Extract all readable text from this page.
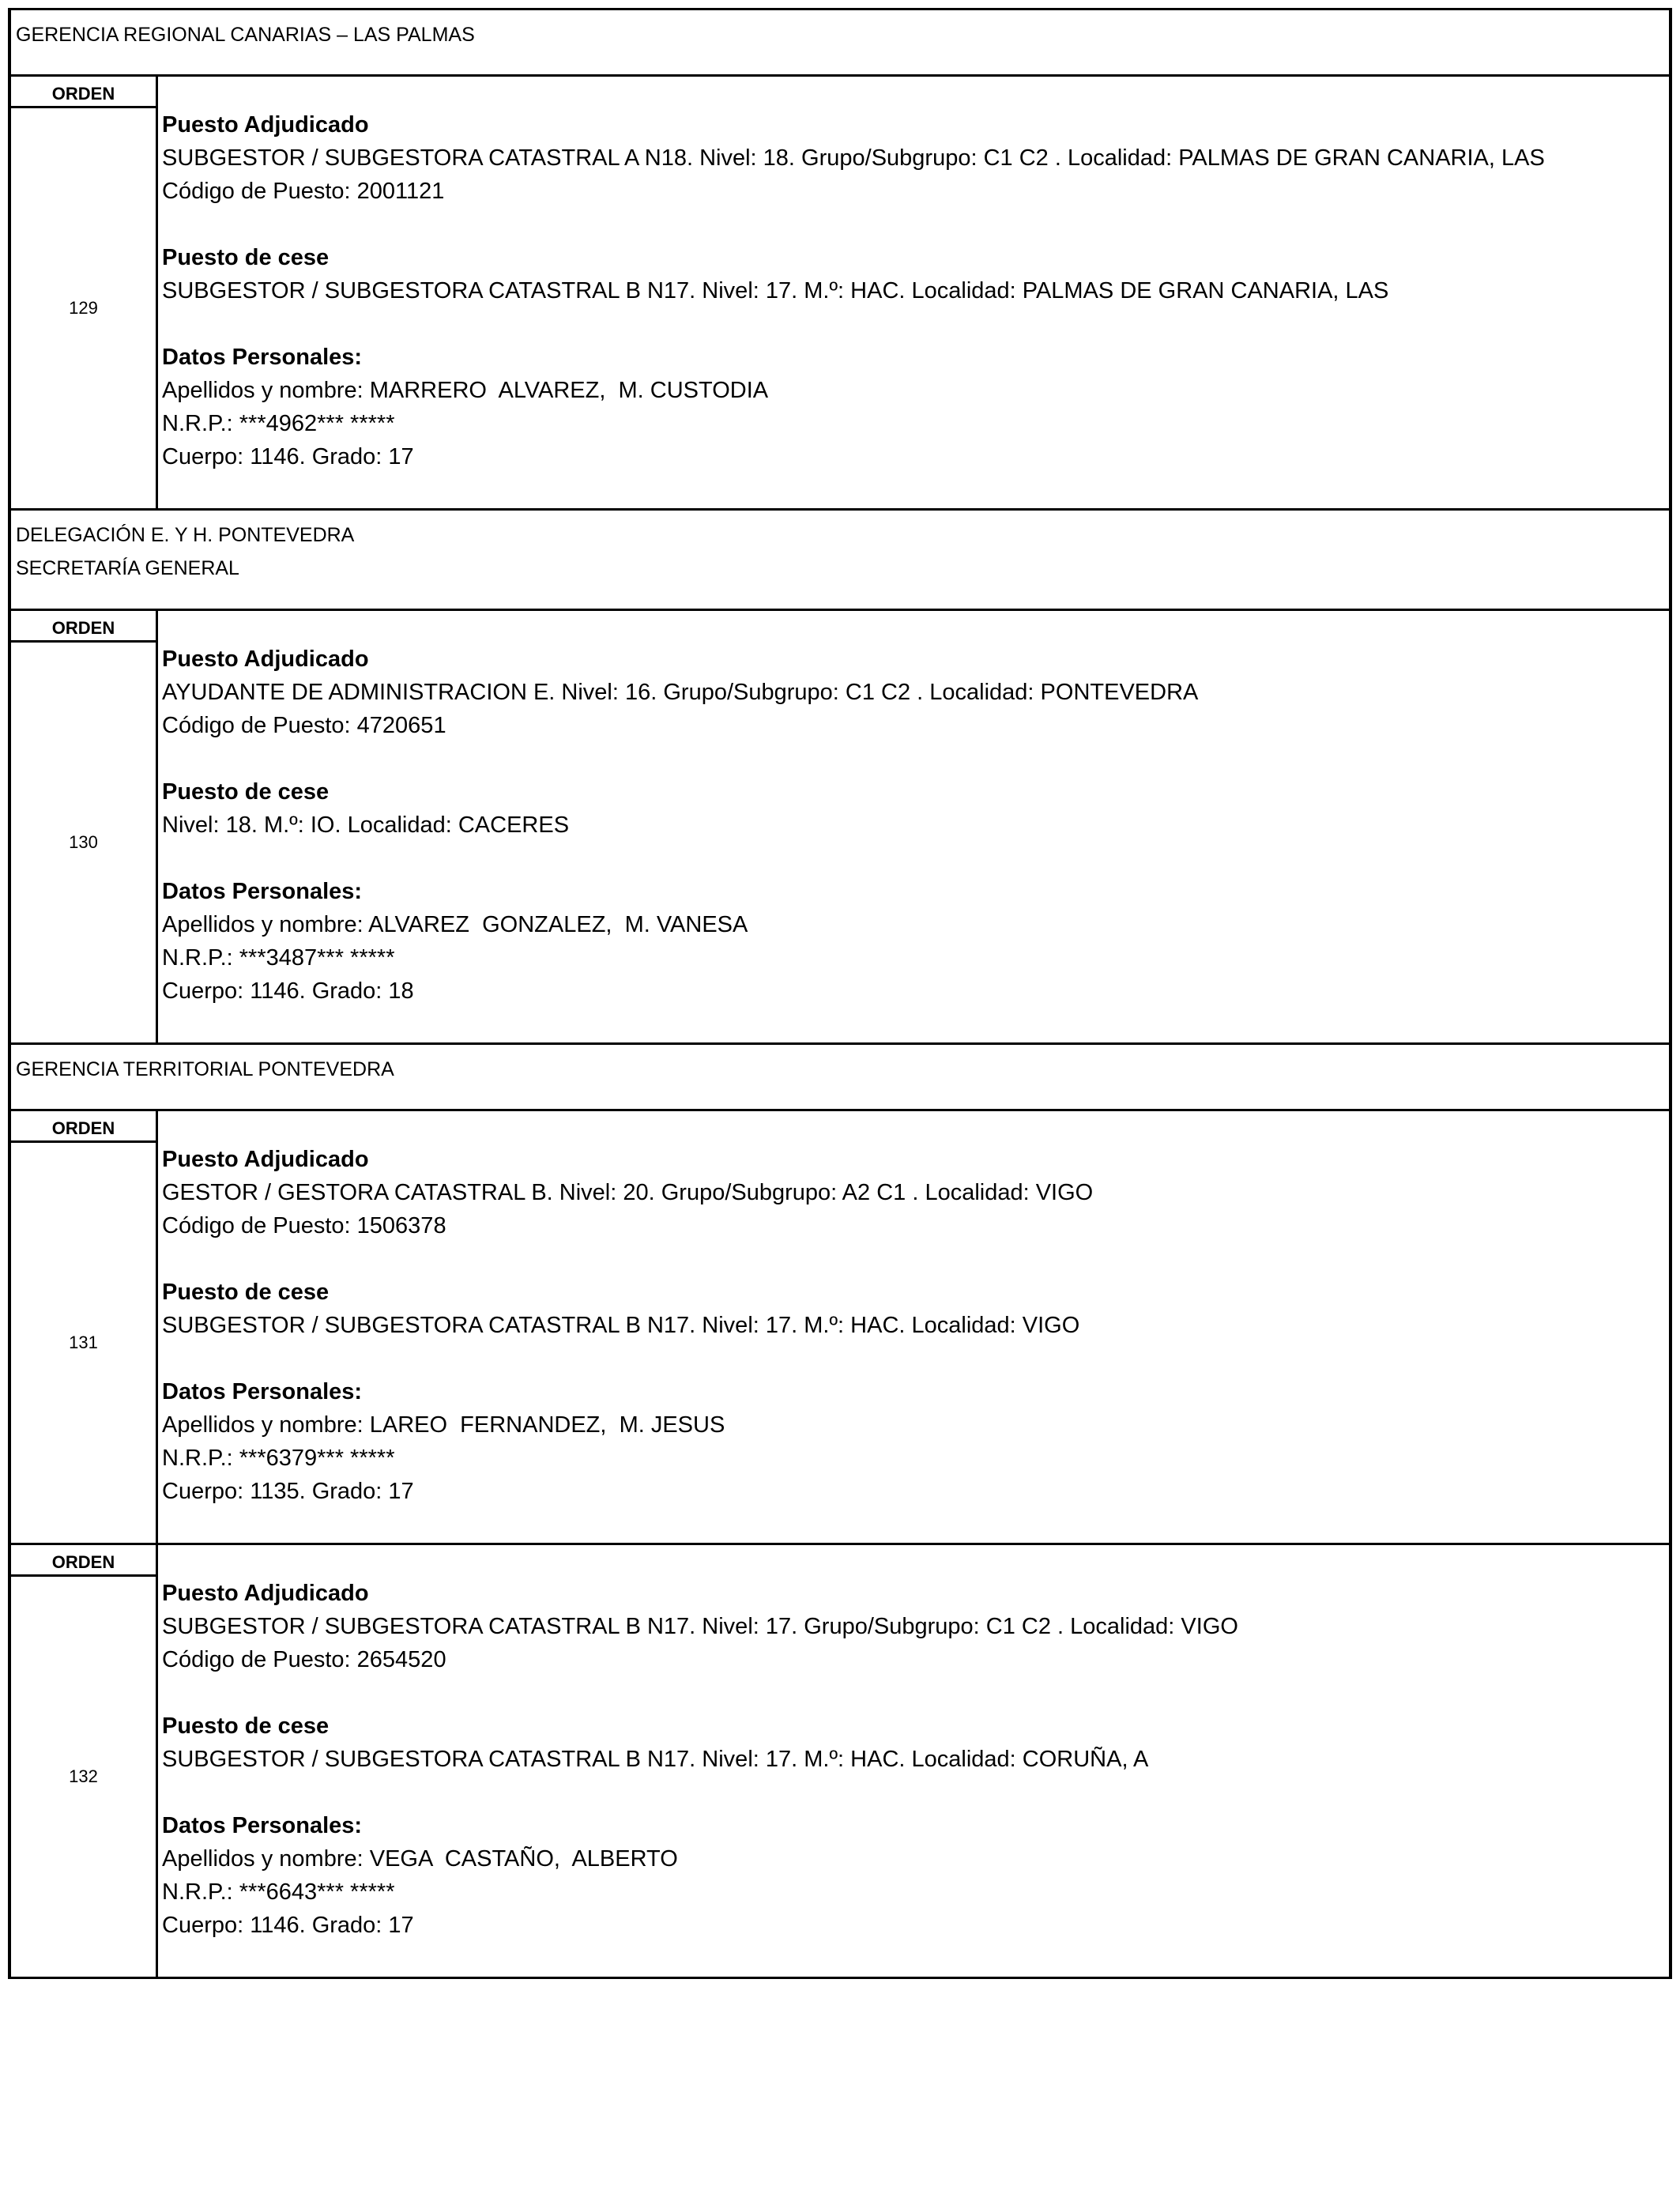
GERENCIA REGIONAL CANARIAS – LAS PALMAS
ORDEN
129
Puesto Adjudicado
SUBGESTOR / SUBGESTORA CATASTRAL A N18. Nivel: 18. Grupo/Subgrupo: C1 C2 . Localidad: PALMAS DE GRAN CANARIA, LAS
Código de Puesto: 2001121
Puesto de cese
SUBGESTOR / SUBGESTORA CATASTRAL B N17. Nivel: 17. M.º: HAC. Localidad: PALMAS DE GRAN CANARIA, LAS
Datos Personales:
Apellidos y nombre: MARRERO  ALVAREZ,  M. CUSTODIA
N.R.P.: ***4962*** *****
Cuerpo: 1146. Grado: 17
DELEGACIÓN E. Y H. PONTEVEDRA
SECRETARÍA GENERAL
ORDEN
130
Puesto Adjudicado
AYUDANTE DE ADMINISTRACION E. Nivel: 16. Grupo/Subgrupo: C1 C2 . Localidad: PONTEVEDRA
Código de Puesto: 4720651
Puesto de cese
Nivel: 18. M.º: IO. Localidad: CACERES
Datos Personales:
Apellidos y nombre: ALVAREZ  GONZALEZ,  M. VANESA
N.R.P.: ***3487*** *****
Cuerpo: 1146. Grado: 18
GERENCIA TERRITORIAL PONTEVEDRA
ORDEN
131
Puesto Adjudicado
GESTOR / GESTORA CATASTRAL B. Nivel: 20. Grupo/Subgrupo: A2 C1 . Localidad: VIGO
Código de Puesto: 1506378
Puesto de cese
SUBGESTOR / SUBGESTORA CATASTRAL B N17. Nivel: 17. M.º: HAC. Localidad: VIGO
Datos Personales:
Apellidos y nombre: LAREO  FERNANDEZ,  M. JESUS
N.R.P.: ***6379*** *****
Cuerpo: 1135. Grado: 17
ORDEN
132
Puesto Adjudicado
SUBGESTOR / SUBGESTORA CATASTRAL B N17. Nivel: 17. Grupo/Subgrupo: C1 C2 . Localidad: VIGO
Código de Puesto: 2654520
Puesto de cese
SUBGESTOR / SUBGESTORA CATASTRAL B N17. Nivel: 17. M.º: HAC. Localidad: CORUÑA, A
Datos Personales:
Apellidos y nombre: VEGA  CASTAÑO,  ALBERTO
N.R.P.: ***6643*** *****
Cuerpo: 1146. Grado: 17
